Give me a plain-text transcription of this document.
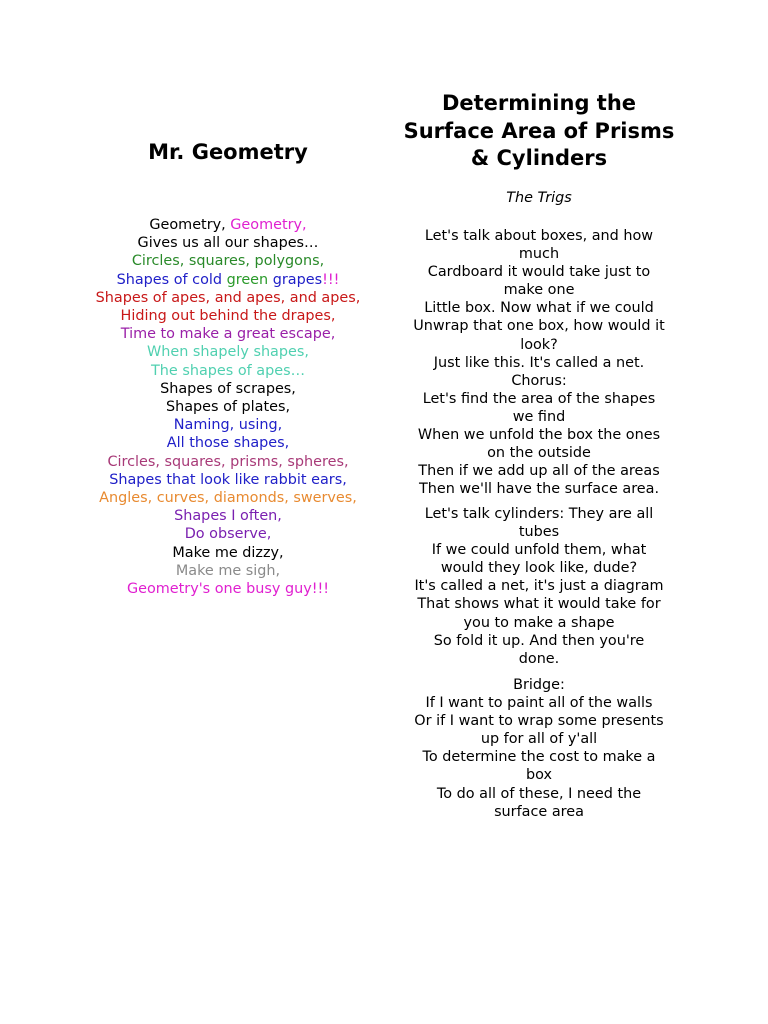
Mr. Geometry
Geometry, Geometry,
Gives us all our shapes…
Circles, squares, polygons,
Shapes of cold green grapes!!!
Shapes of apes, and apes, and apes,
Hiding out behind the drapes,
Time to make a great escape,
When shapely shapes,
The shapes of apes…
Shapes of scrapes,
Shapes of plates,
Naming, using,
All those shapes,
Circles, squares, prisms, spheres,
Shapes that look like rabbit ears,
Angles, curves, diamonds, swerves,
Shapes I often,
Do observe,
Make me dizzy,
Make me sigh,
Geometry's one busy guy!!!
Determining the
Surface Area of Prisms
& Cylinders
The Trigs
Let's talk about boxes, and how
much
Cardboard it would take just to
make one
Little box. Now what if we could
Unwrap that one box, how would it
look?
Just like this. It's called a net.
Chorus:
Let's find the area of the shapes
we find
When we unfold the box the ones
on the outside
Then if we add up all of the areas
Then we'll have the surface area.
Let's talk cylinders: They are all
tubes
If we could unfold them, what
would they look like, dude?
It's called a net, it's just a diagram
That shows what it would take for
you to make a shape
So fold it up. And then you're
done.
Bridge:
If I want to paint all of the walls
Or if I want to wrap some presents
up for all of y'all
To determine the cost to make a
box
To do all of these, I need the
surface area
